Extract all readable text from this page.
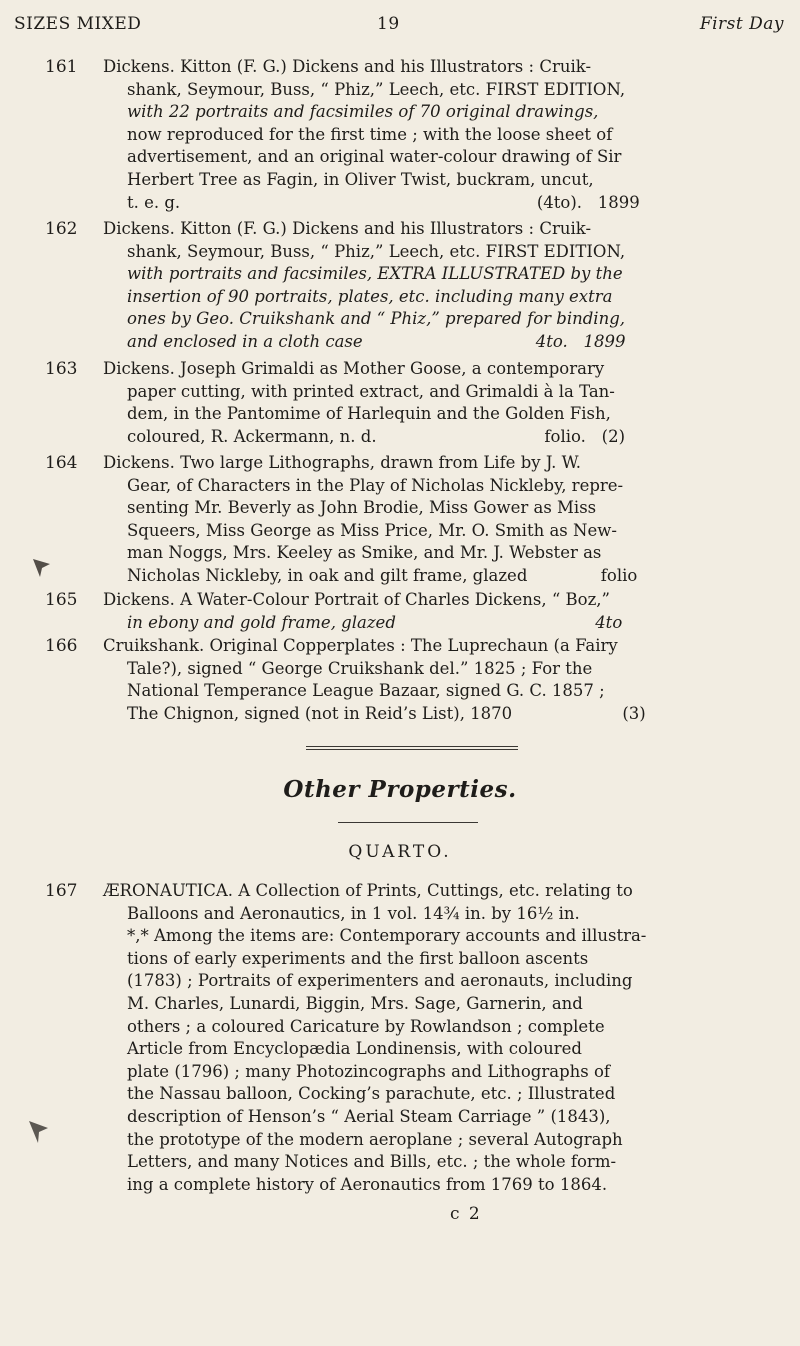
SIZES MIXED	19	First Day
161 Dickens. Kitton (F. G.) Dickens and his Illustrators : Cruik-
shank, Seymour, Buss, “ Phiz,” Leech, etc. FIRST EDITION,
with 22 portraits and facsimiles of 70 original drawings,
now reproduced for the first time ; with the loose sheet of
advertisement, and an original water-colour drawing of Sir
Herbert Tree as Fagin, in Oliver Twist, buckram, uncut,
t. e. g.                                                                    (4to).   1899
162 Dickens. Kitton (F. G.) Dickens and his Illustrators : Cruik-
shank, Seymour, Buss, “ Phiz,” Leech, etc. FIRST EDITION,
with portraits and facsimiles, EXTRA ILLUSTRATED by the
insertion of 90 portraits, plates, etc. including many extra
ones by Geo. Cruikshank and “ Phiz,” prepared for binding,
and enclosed in a cloth case                                 4to.   1899
163 Dickens. Joseph Grimaldi as Mother Goose, a contemporary
paper cutting, with printed extract, and Grimaldi à la Tan-
dem, in the Pantomime of Harlequin and the Golden Fish,
coloured, R. Ackermann, n. d.                                folio.   (2)
164 Dickens. Two large Lithographs, drawn from Life by J. W.
Gear, of Characters in the Play of Nicholas Nickleby, repre-
senting Mr. Beverly as John Brodie, Miss Gower as Miss
Squeers, Miss George as Miss Price, Mr. O. Smith as New-
man Noggs, Mrs. Keeley as Smike, and Mr. J. Webster as
Nicholas Nickleby, in oak and gilt frame, glazed              folio
165 Dickens. A Water-Colour Portrait of Charles Dickens, “ Boz,”
in ebony and gold frame, glazed                                      4to
166 Cruikshank. Original Copperplates : The Luprechaun (a Fairy
Tale?), signed “ George Cruikshank del.” 1825 ; For the
National Temperance League Bazaar, signed G. C. 1857 ;
The Chignon, signed (not in Reid’s List), 1870                     (3)
Other Properties.
QUARTO.
167 ÆRONAUTICA. A Collection of Prints, Cuttings, etc. relating to
Balloons and Aeronautics, in 1 vol. 14¾ in. by 16½ in.
*,* Among the items are: Contemporary accounts and illustra-
tions of early experiments and the first balloon ascents
(1783) ; Portraits of experimenters and aeronauts, including
M. Charles, Lunardi, Biggin, Mrs. Sage, Garnerin, and
others ; a coloured Caricature by Rowlandson ; complete
Article from Encyclopædia Londinensis, with coloured
plate (1796) ; many Photozincographs and Lithographs of
the Nassau balloon, Cocking’s parachute, etc. ; Illustrated
description of Henson’s “ Aerial Steam Carriage ” (1843),
the prototype of the modern aeroplane ; several Autograph
Letters, and many Notices and Bills, etc. ; the whole form-
ing a complete history of Aeronautics from 1769 to 1864.
c 2
